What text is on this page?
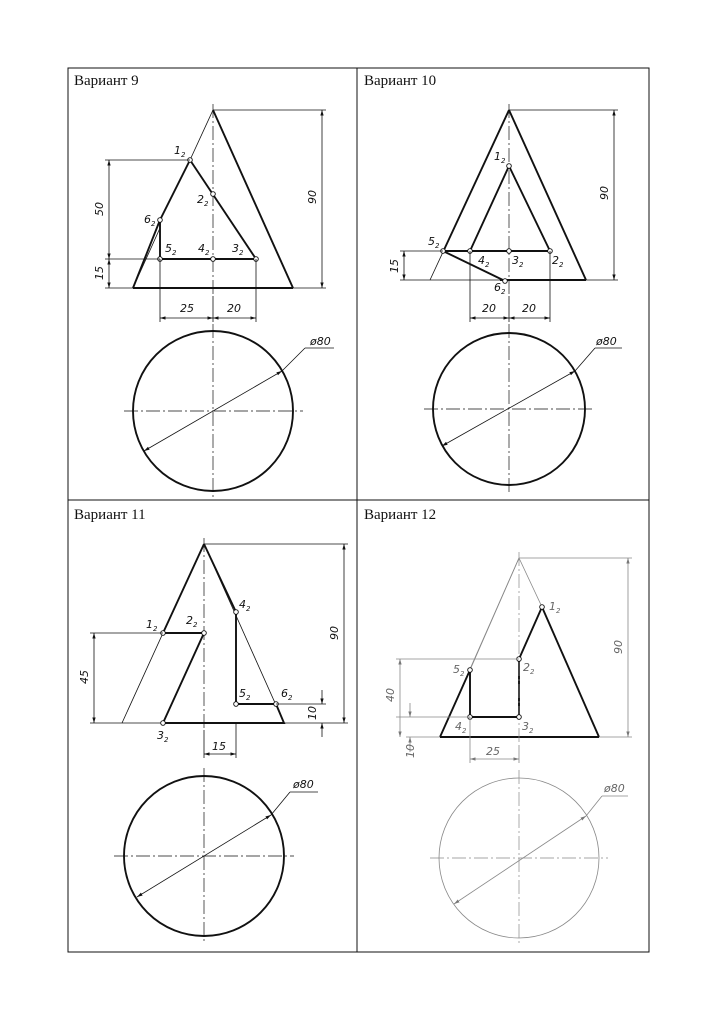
Вариант 9
$1_2$
$2_2$
$3_2$
$4_2$
$5_2$
$6_2$
90
50
15
25	20
ø80
Вариант 10
$1_2$
$2_2$
$3_2$
$4_2$
$5_2$
$6_2$
90
15
20 20
ø80
Вариант 11
$1_2$
$2_2$
$3_2$
$4_2$
$5_2$	$6_2$
90
45
10
15
ø80
Вариант 12
$1_2$
$2_2$
$3_2$
$4_2$
$5_2$
90
40
10	25
ø80
